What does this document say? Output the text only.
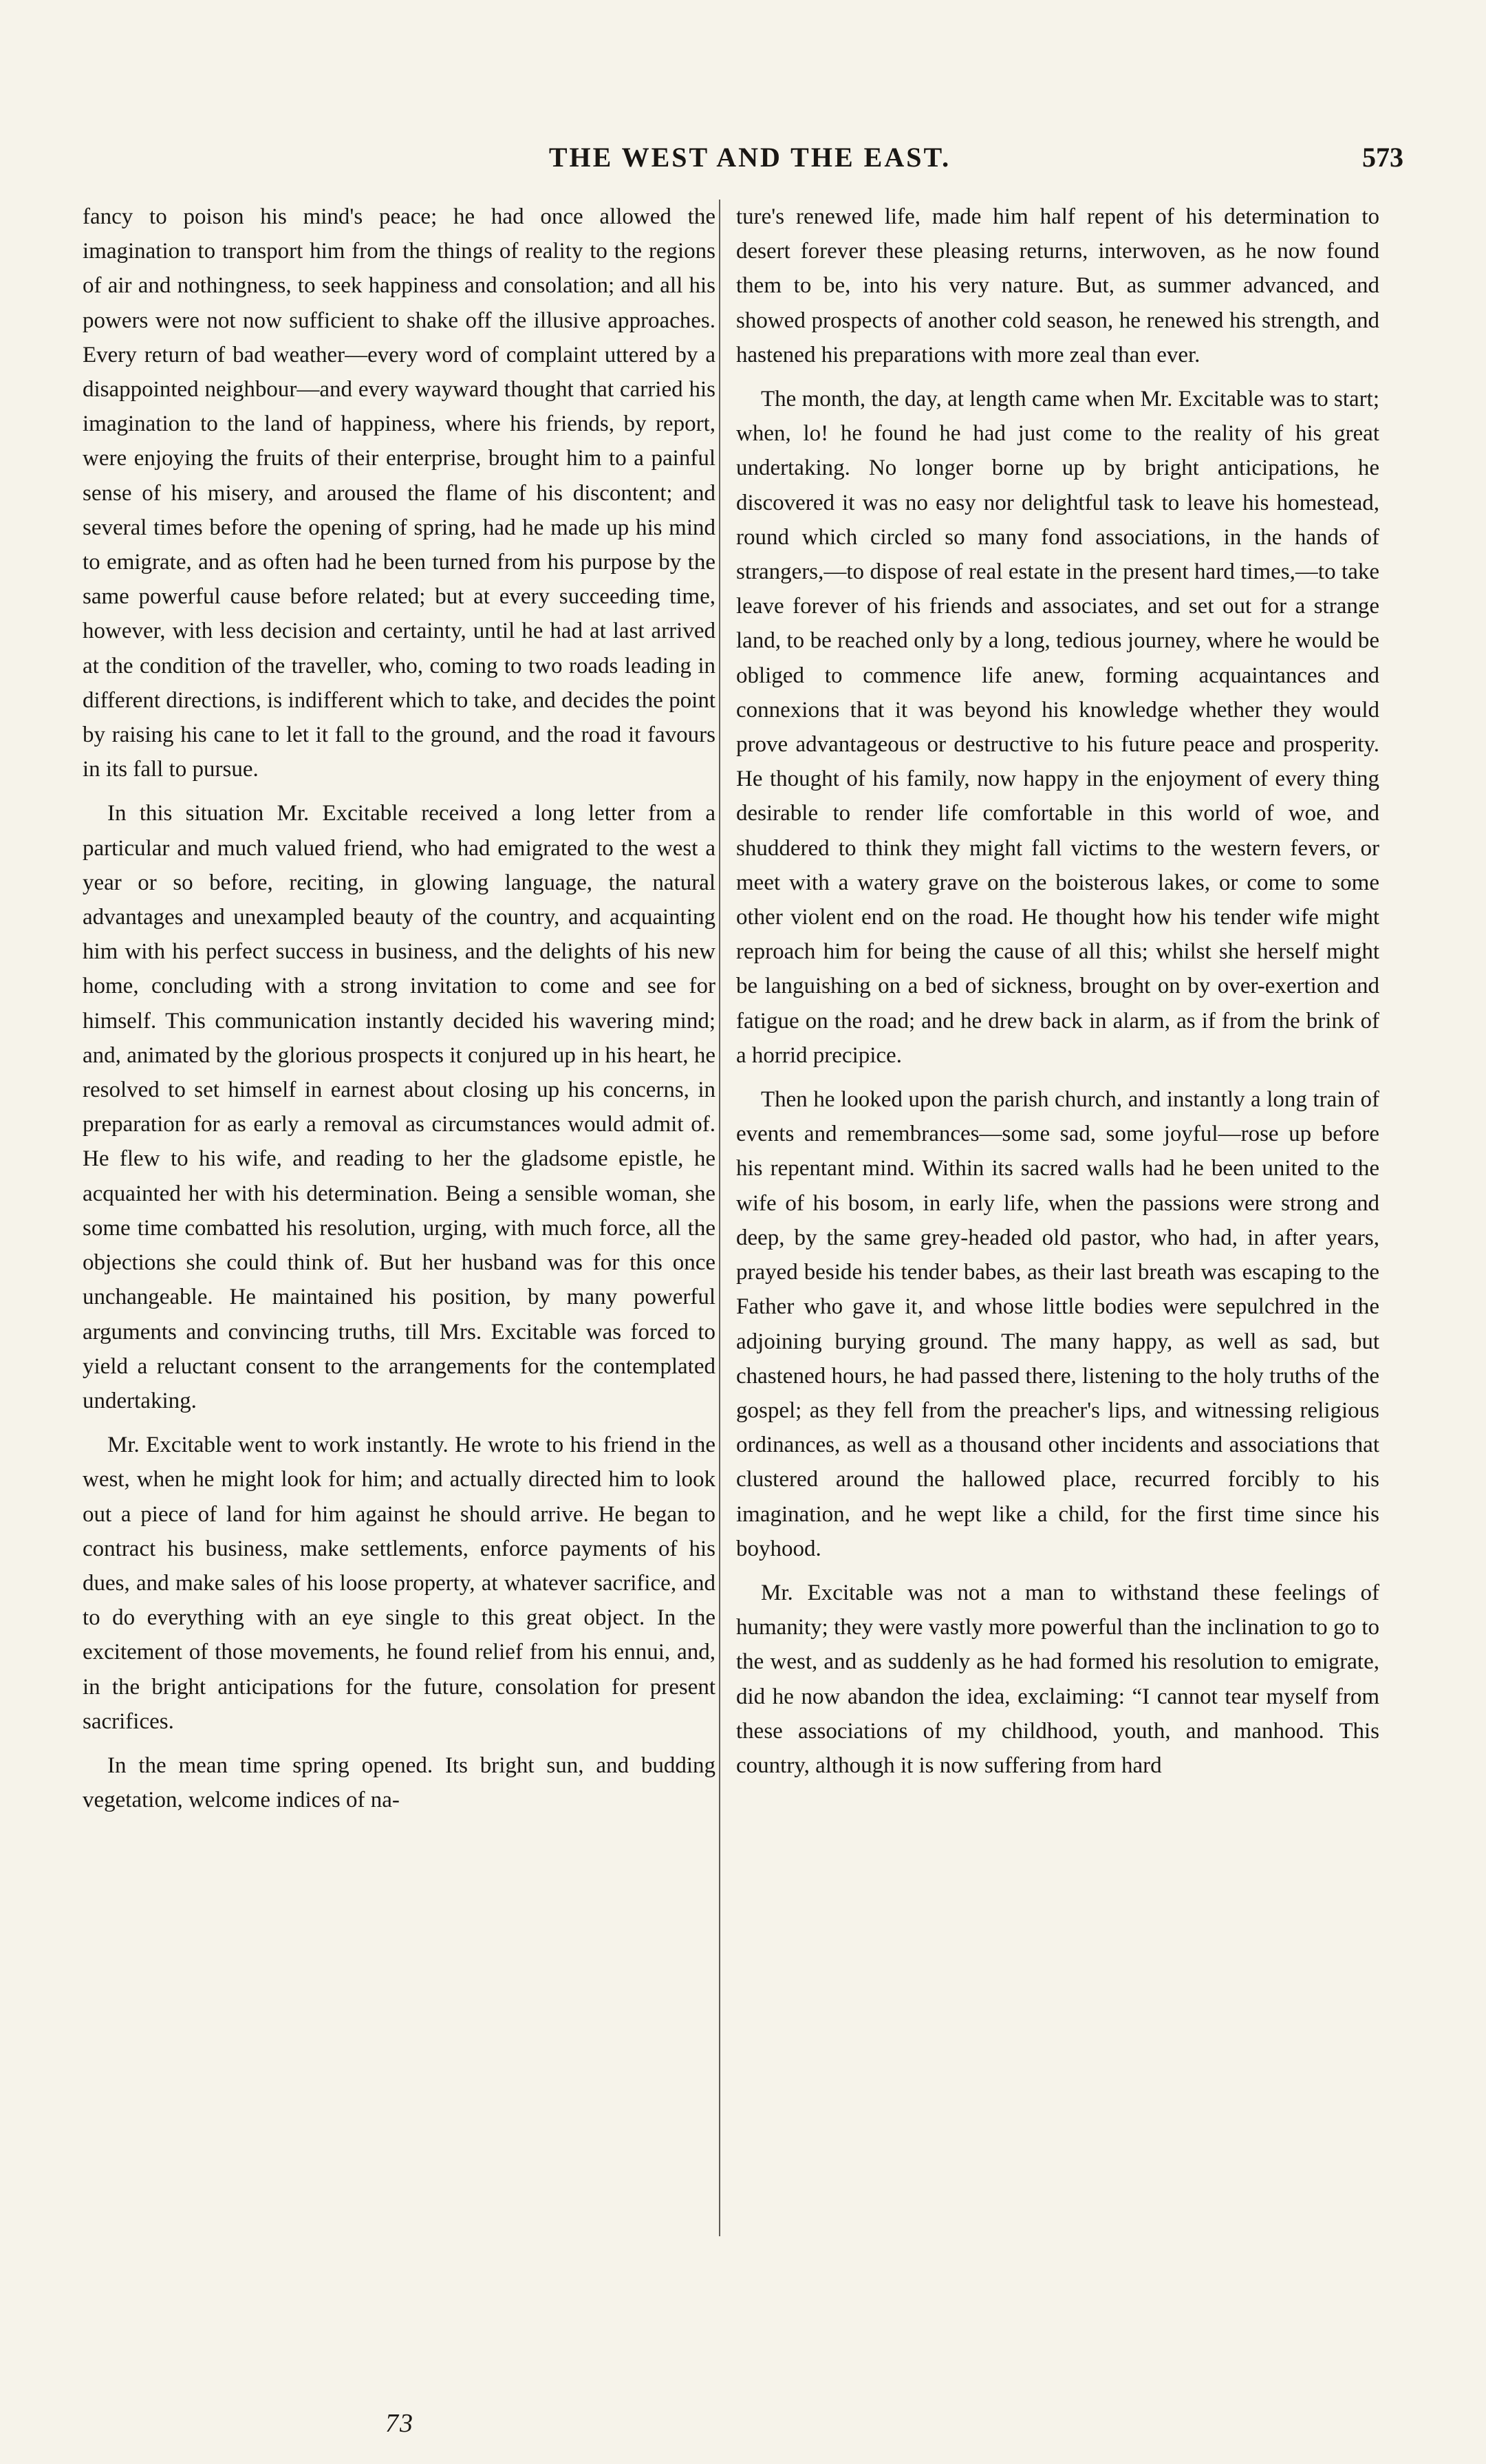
THE WEST AND THE EAST.	573

fancy to poison his mind's peace; he had once allowed the imagination to transport him from the things of reality to the regions of air and nothingness, to seek happiness and consolation; and all his powers were not now sufficient to shake off the illusive approaches. Every return of bad weather—every word of complaint uttered by a disappointed neighbour—and every wayward thought that carried his imagination to the land of happiness, where his friends, by report, were enjoying the fruits of their enterprise, brought him to a painful sense of his misery, and aroused the flame of his discontent; and several times before the opening of spring, had he made up his mind to emigrate, and as often had he been turned from his purpose by the same powerful cause before related; but at every succeeding time, however, with less decision and certainty, until he had at last arrived at the condition of the traveller, who, coming to two roads leading in different directions, is indifferent which to take, and decides the point by raising his cane to let it fall to the ground, and the road it favours in its fall to pursue.

In this situation Mr. Excitable received a long letter from a particular and much valued friend, who had emigrated to the west a year or so before, reciting, in glowing language, the natural advantages and unexampled beauty of the country, and acquainting him with his perfect success in business, and the delights of his new home, concluding with a strong invitation to come and see for himself. This communication instantly decided his wavering mind; and, animated by the glorious prospects it conjured up in his heart, he resolved to set himself in earnest about closing up his concerns, in preparation for as early a removal as circumstances would admit of. He flew to his wife, and reading to her the gladsome epistle, he acquainted her with his determination. Being a sensible woman, she some time combatted his resolution, urging, with much force, all the objections she could think of. But her husband was for this once unchangeable. He maintained his position, by many powerful arguments and convincing truths, till Mrs. Excitable was forced to yield a reluctant consent to the arrangements for the contemplated undertaking.

Mr. Excitable went to work instantly. He wrote to his friend in the west, when he might look for him; and actually directed him to look out a piece of land for him against he should arrive. He began to contract his business, make settlements, enforce payments of his dues, and make sales of his loose property, at whatever sacrifice, and to do everything with an eye single to this great object. In the excitement of those movements, he found relief from his ennui, and, in the bright anticipations for the future, consolation for present sacrifices.

In the mean time spring opened. Its bright sun, and budding vegetation, welcome indices of na-

ture's renewed life, made him half repent of his determination to desert forever these pleasing returns, interwoven, as he now found them to be, into his very nature. But, as summer advanced, and showed prospects of another cold season, he renewed his strength, and hastened his preparations with more zeal than ever.

The month, the day, at length came when Mr. Excitable was to start; when, lo! he found he had just come to the reality of his great undertaking. No longer borne up by bright anticipations, he discovered it was no easy nor delightful task to leave his homestead, round which circled so many fond associations, in the hands of strangers,—to dispose of real estate in the present hard times,—to take leave forever of his friends and associates, and set out for a strange land, to be reached only by a long, tedious journey, where he would be obliged to commence life anew, forming acquaintances and connexions that it was beyond his knowledge whether they would prove advantageous or destructive to his future peace and prosperity. He thought of his family, now happy in the enjoyment of every thing desirable to render life comfortable in this world of woe, and shuddered to think they might fall victims to the western fevers, or meet with a watery grave on the boisterous lakes, or come to some other violent end on the road. He thought how his tender wife might reproach him for being the cause of all this; whilst she herself might be languishing on a bed of sickness, brought on by over-exertion and fatigue on the road; and he drew back in alarm, as if from the brink of a horrid precipice.

Then he looked upon the parish church, and instantly a long train of events and remembrances—some sad, some joyful—rose up before his repentant mind. Within its sacred walls had he been united to the wife of his bosom, in early life, when the passions were strong and deep, by the same grey-headed old pastor, who had, in after years, prayed beside his tender babes, as their last breath was escaping to the Father who gave it, and whose little bodies were sepulchred in the adjoining burying ground. The many happy, as well as sad, but chastened hours, he had passed there, listening to the holy truths of the gospel; as they fell from the preacher's lips, and witnessing religious ordinances, as well as a thousand other incidents and associations that clustered around the hallowed place, recurred forcibly to his imagination, and he wept like a child, for the first time since his boyhood.

Mr. Excitable was not a man to withstand these feelings of humanity; they were vastly more powerful than the inclination to go to the west, and as suddenly as he had formed his resolution to emigrate, did he now abandon the idea, exclaiming: “I cannot tear myself from these associations of my childhood, youth, and manhood. This country, although it is now suffering from hard

73
